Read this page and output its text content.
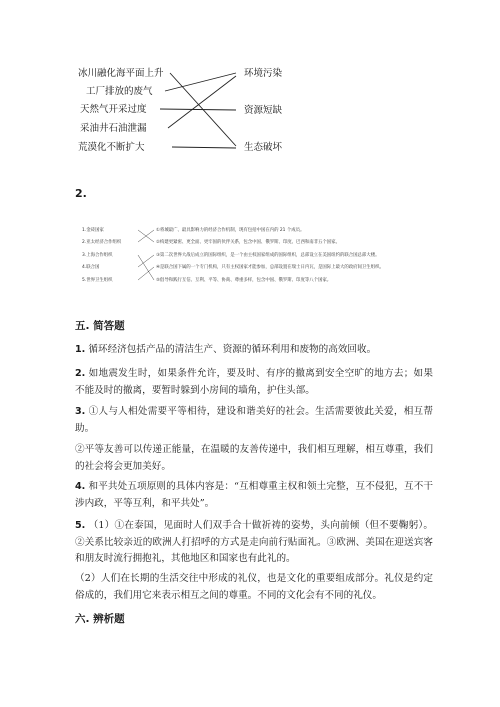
冰川融化海平面上升
工厂排放的废气
天然气开采过度
采油井石油泄漏
荒漠化不断扩大
环境污染
资源短缺
生态破坏
2.
1.金砖国家
2.亚太经济合作组织
3.上海合作组织
4.联合国
5.世界卫生组织
①将城最广、最具影响力的经济合作机制，现有包括中国在内的 21 个成员。
②构建更紧密、更全面、更牢固的伙伴关系，包含中国、俄罗斯、印度、巴西和南非五个国家。
③第二次世界大战后成立的国际组织，是一个由主权国家组成的国际组织，总部设立在美国纽约的联合国总部大楼。
④是联合国下属的一个专门机构，只有主权国家才能参加，总部设置在瑞士日内瓦，是国际上最大的政府间卫生组织。
⑤倡导和践行互信、互利、平等、协商、尊重多样，包含中国、俄罗斯、印度等八个国家。
五. 简答题
1. 循环经济包括产品的清洁生产、资源的循环利用和废物的高效回收。
2. 如地震发生时，如果条件允许，要及时、有序的撤离到安全空旷的地方去；如果不能及时的撤离，要暂时躲到小房间的墙角，护住头部。
3. ①人与人相处需要平等相待，建设和谐美好的社会。生活需要彼此关爱，相互帮助。
②平等友善可以传递正能量，在温暖的友善传递中，我们相互理解，相互尊重，我们的社会将会更加美好。
4. 和平共处五项原则的具体内容是：“互相尊重主权和领土完整，互不侵犯，互不干涉内政，平等互利，和平共处”。
5. （1）①在泰国，见面时人们双手合十做祈祷的姿势，头向前倾（但不要鞠躬）。②关系比较亲近的欧洲人打招呼的方式是走向前行贴面礼。③欧洲、美国在迎送宾客和朋友时流行拥抱礼，其他地区和国家也有此礼的。
（2）人们在长期的生活交往中形成的礼仪，也是文化的重要组成部分。礼仪是约定俗成的，我们用它来表示相互之间的尊重。不同的文化会有不同的礼仪。
六. 辨析题
